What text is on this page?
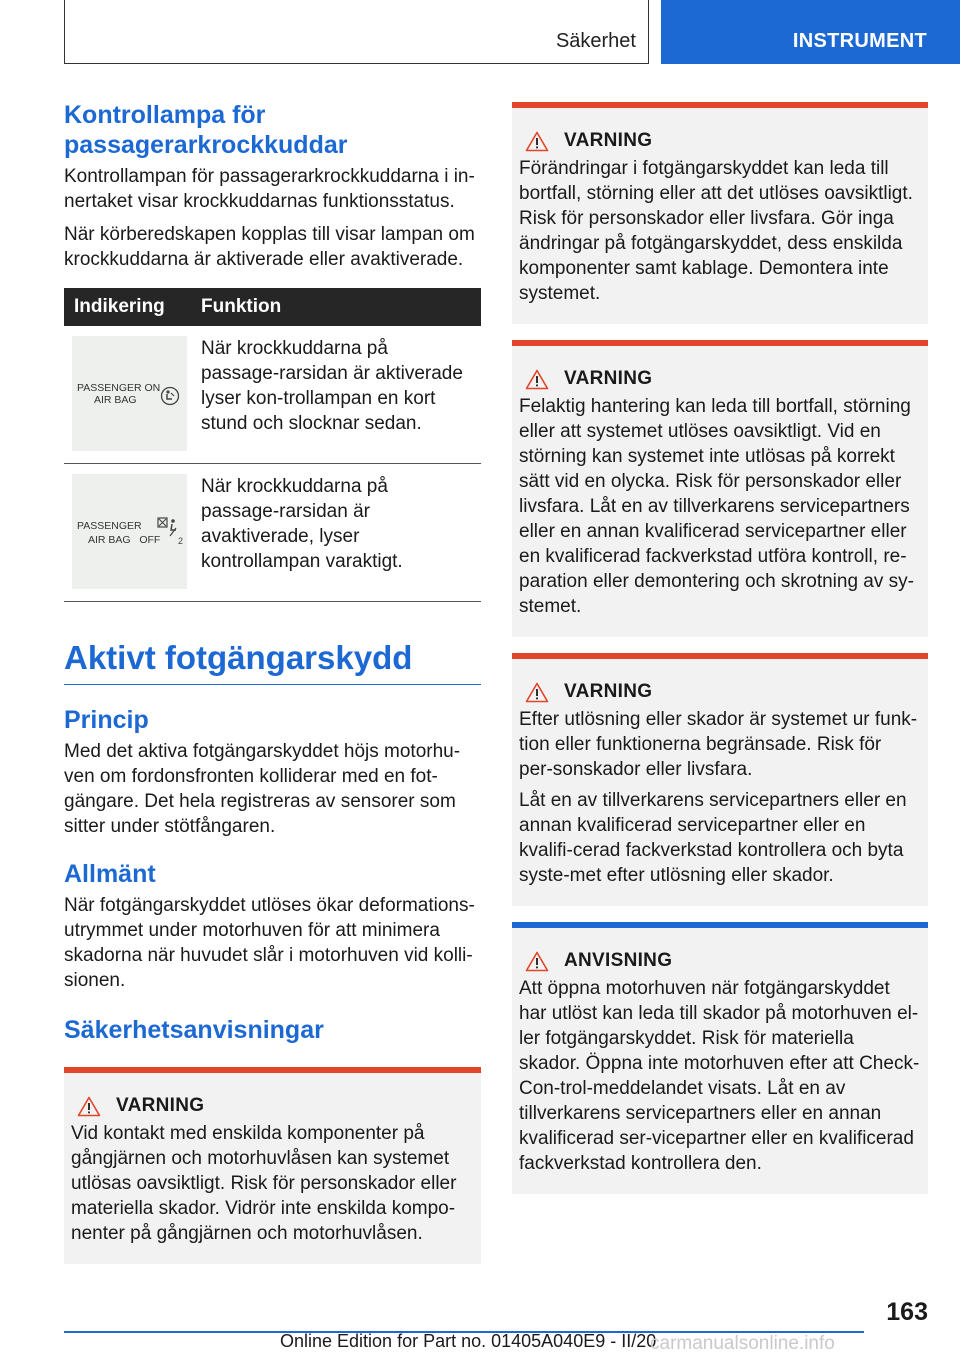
Säkerhet	INSTRUMENT
Kontrollampa för passagerarkrockkuddar

Kontrollampan för passagerarkrockkuddarna i in-nertaket visar krockkuddarnas funktionsstatus.

När körberedskapen kopplas till visar lampan om krockkuddarna är aktiverade eller avaktiverade.

Indikering	Funktion
PASSENGER ON
AIR BAG
När krockkuddarna på passage-rarsidan är aktiverade lyser kon-trollampan en kort stund och slocknar sedan.
PASSENGER
AIR BAG   OFF 2
När krockkuddarna på passage-rarsidan är avaktiverade, lyser kontrollampan varaktigt.
Aktivt fotgängarskydd
Princip

Med det aktiva fotgängarskyddet höjs motorhu-ven om fordonsfronten kolliderar med en fot-gängare. Det hela registreras av sensorer som sitter under stötfångaren.

Allmänt

När fotgängarskyddet utlöses ökar deformations-utrymmet under motorhuven för att minimera skadorna när huvudet slår i motorhuven vid kolli-sionen.

Säkerhetsanvisningar
VARNING

Vid kontakt med enskilda komponenter på gångjärnen och motorhuvlåsen kan systemet utlösas oavsiktligt. Risk för personskador eller materiella skador. Vidrör inte enskilda kompo-nenter på gångjärnen och motorhuvlåsen.

VARNING

Förändringar i fotgängarskyddet kan leda till bortfall, störning eller att det utlöses oavsiktligt. Risk för personskador eller livsfara. Gör inga ändringar på fotgängarskyddet, dess enskilda komponenter samt kablage. Demontera inte systemet.

VARNING

Felaktig hantering kan leda till bortfall, störning eller att systemet utlöses oavsiktligt. Vid en störning kan systemet inte utlösas på korrekt sätt vid en olycka. Risk för personskador eller livsfara. Låt en av tillverkarens servicepartners eller en annan kvalificerad servicepartner eller en kvalificerad fackverkstad utföra kontroll, re-paration eller demontering och skrotning av sy-stemet.

VARNING

Efter utlösning eller skador är systemet ur funk-tion eller funktionerna begränsade. Risk för per-sonskador eller livsfara.

Låt en av tillverkarens servicepartners eller en annan kvalificerad servicepartner eller en kvalifi-cerad fackverkstad kontrollera och byta syste-met efter utlösning eller skador.

ANVISNING

Att öppna motorhuven när fotgängarskyddet har utlöst kan leda till skador på motorhuven el-ler fotgängarskyddet. Risk för materiella skador. Öppna inte motorhuven efter att Check-Con-trol-meddelandet visats. Låt en av tillverkarens servicepartners eller en annan kvalificerad ser-vicepartner eller en kvalificerad fackverkstad kontrollera den.

163
Online Edition for Part no. 01405A040E9 - II/20
carmanualsonline.info
